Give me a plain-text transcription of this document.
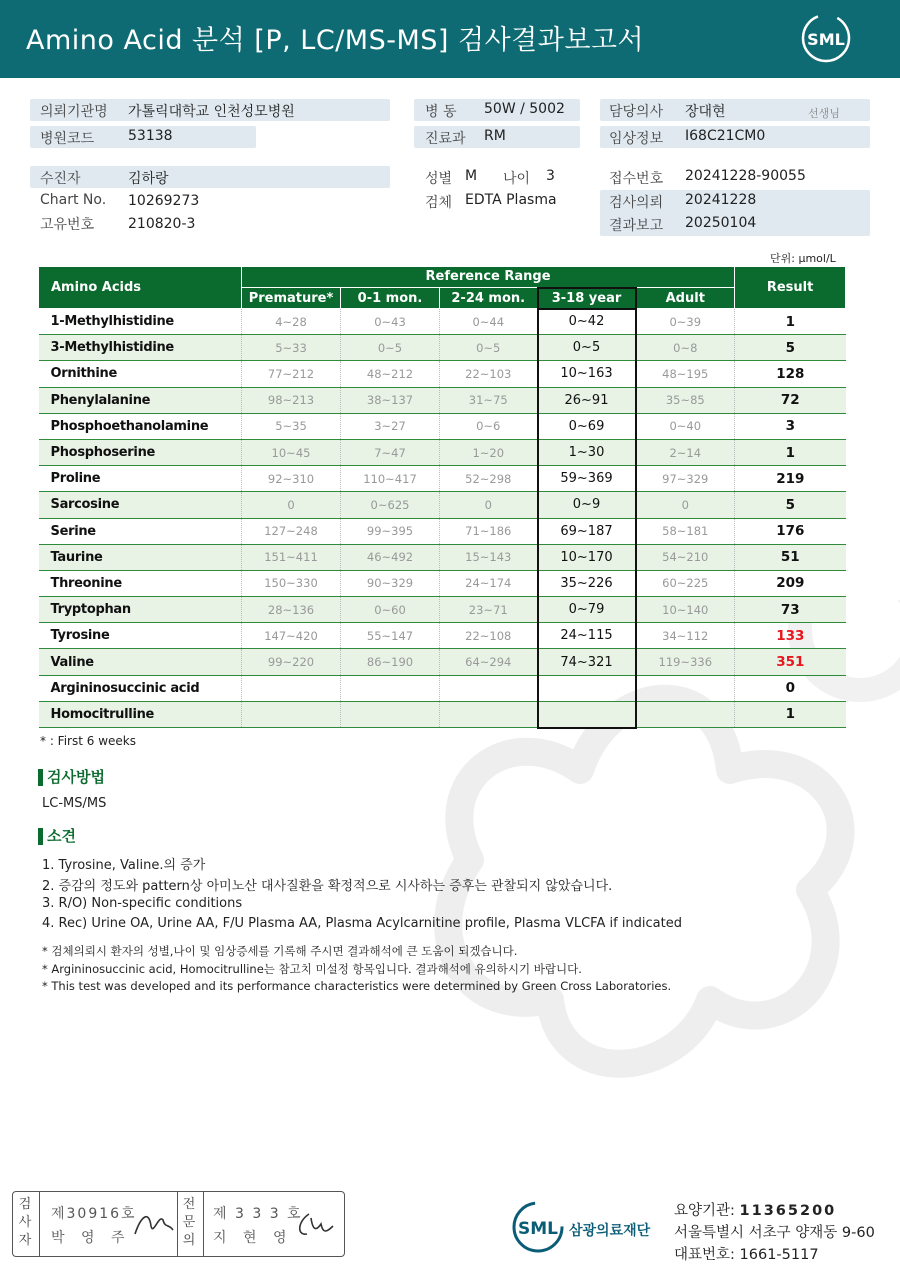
Amino Acid 분석 [P, LC/MS-MS] 검사결과보고서	SML
의뢰기관명 가톨릭대학교 인천성모병원
병원코드 53138
병 동 50W / 5002
진료과 RM
담당의사 장대현	선생님
임상정보 I68C21CM0
수진자	김하랑
Chart No. 10269273
고유번호 210820-3
성별 M 나이 3
검체 EDTA Plasma
접수번호 20241228-90055
검사의뢰 20241228
결과보고 20250104
단위: μmol/L
Amino Acids	Reference Range					Result
	Premature*	0-1 mon.	2-24 mon.	3-18 year	Adult	
1-Methylhistidine	4~28	0~43	0~44	0~42	0~39	1
3-Methylhistidine	5~33	0~5	0~5	0~5	0~8	5
Ornithine	77~212	48~212	22~103	10~163	48~195	128
Phenylalanine	98~213	38~137	31~75	26~91	35~85	72
Phosphoethanolamine	5~35	3~27	0~6	0~69	0~40	3
Phosphoserine	10~45	7~47	1~20	1~30	2~14	1
Proline	92~310	110~417	52~298	59~369	97~329	219
Sarcosine	0	0~625	0	0~9	0	5
Serine	127~248	99~395	71~186	69~187	58~181	176
Taurine	151~411	46~492	15~143	10~170	54~210	51
Threonine	150~330	90~329	24~174	35~226	60~225	209
Tryptophan	28~136	0~60	23~71	0~79	10~140	73
Tyrosine	147~420	55~147	22~108	24~115	34~112	133
Valine	99~220	86~190	64~294	74~321	119~336	351
Argininosuccinic acid						0
Homocitrulline						1
* : First 6 weeks
검사방법
LC-MS/MS
소견
1. Tyrosine, Valine.의 증가
2. 증감의 정도와 pattern상 아미노산 대사질환을 확정적으로 시사하는 증후는 관찰되지 않았습니다.
3. R/O) Non-specific conditions
4. Rec) Urine OA, Urine AA, F/U Plasma AA, Plasma Acylcarnitine profile, Plasma VLCFA if indicated
* 검체의뢰시 환자의 성별,나이 및 임상증세를 기록해 주시면 결과해석에 큰 도움이 되겠습니다.
* Argininosuccinic acid, Homocitrulline는 참고치 미설정 항목입니다. 결과해석에 유의하시기 바랍니다.
* This test was developed and its performance characteristics were determined by Green Cross Laboratories.
검
사
자
제30916호
박 영 주
전
문
의
제 3 3 3 호
지 현 영	SML 삼광의료재단
요양기관: 11365200
서울특별시 서초구 양재동 9-60
대표번호: 1661-5117
